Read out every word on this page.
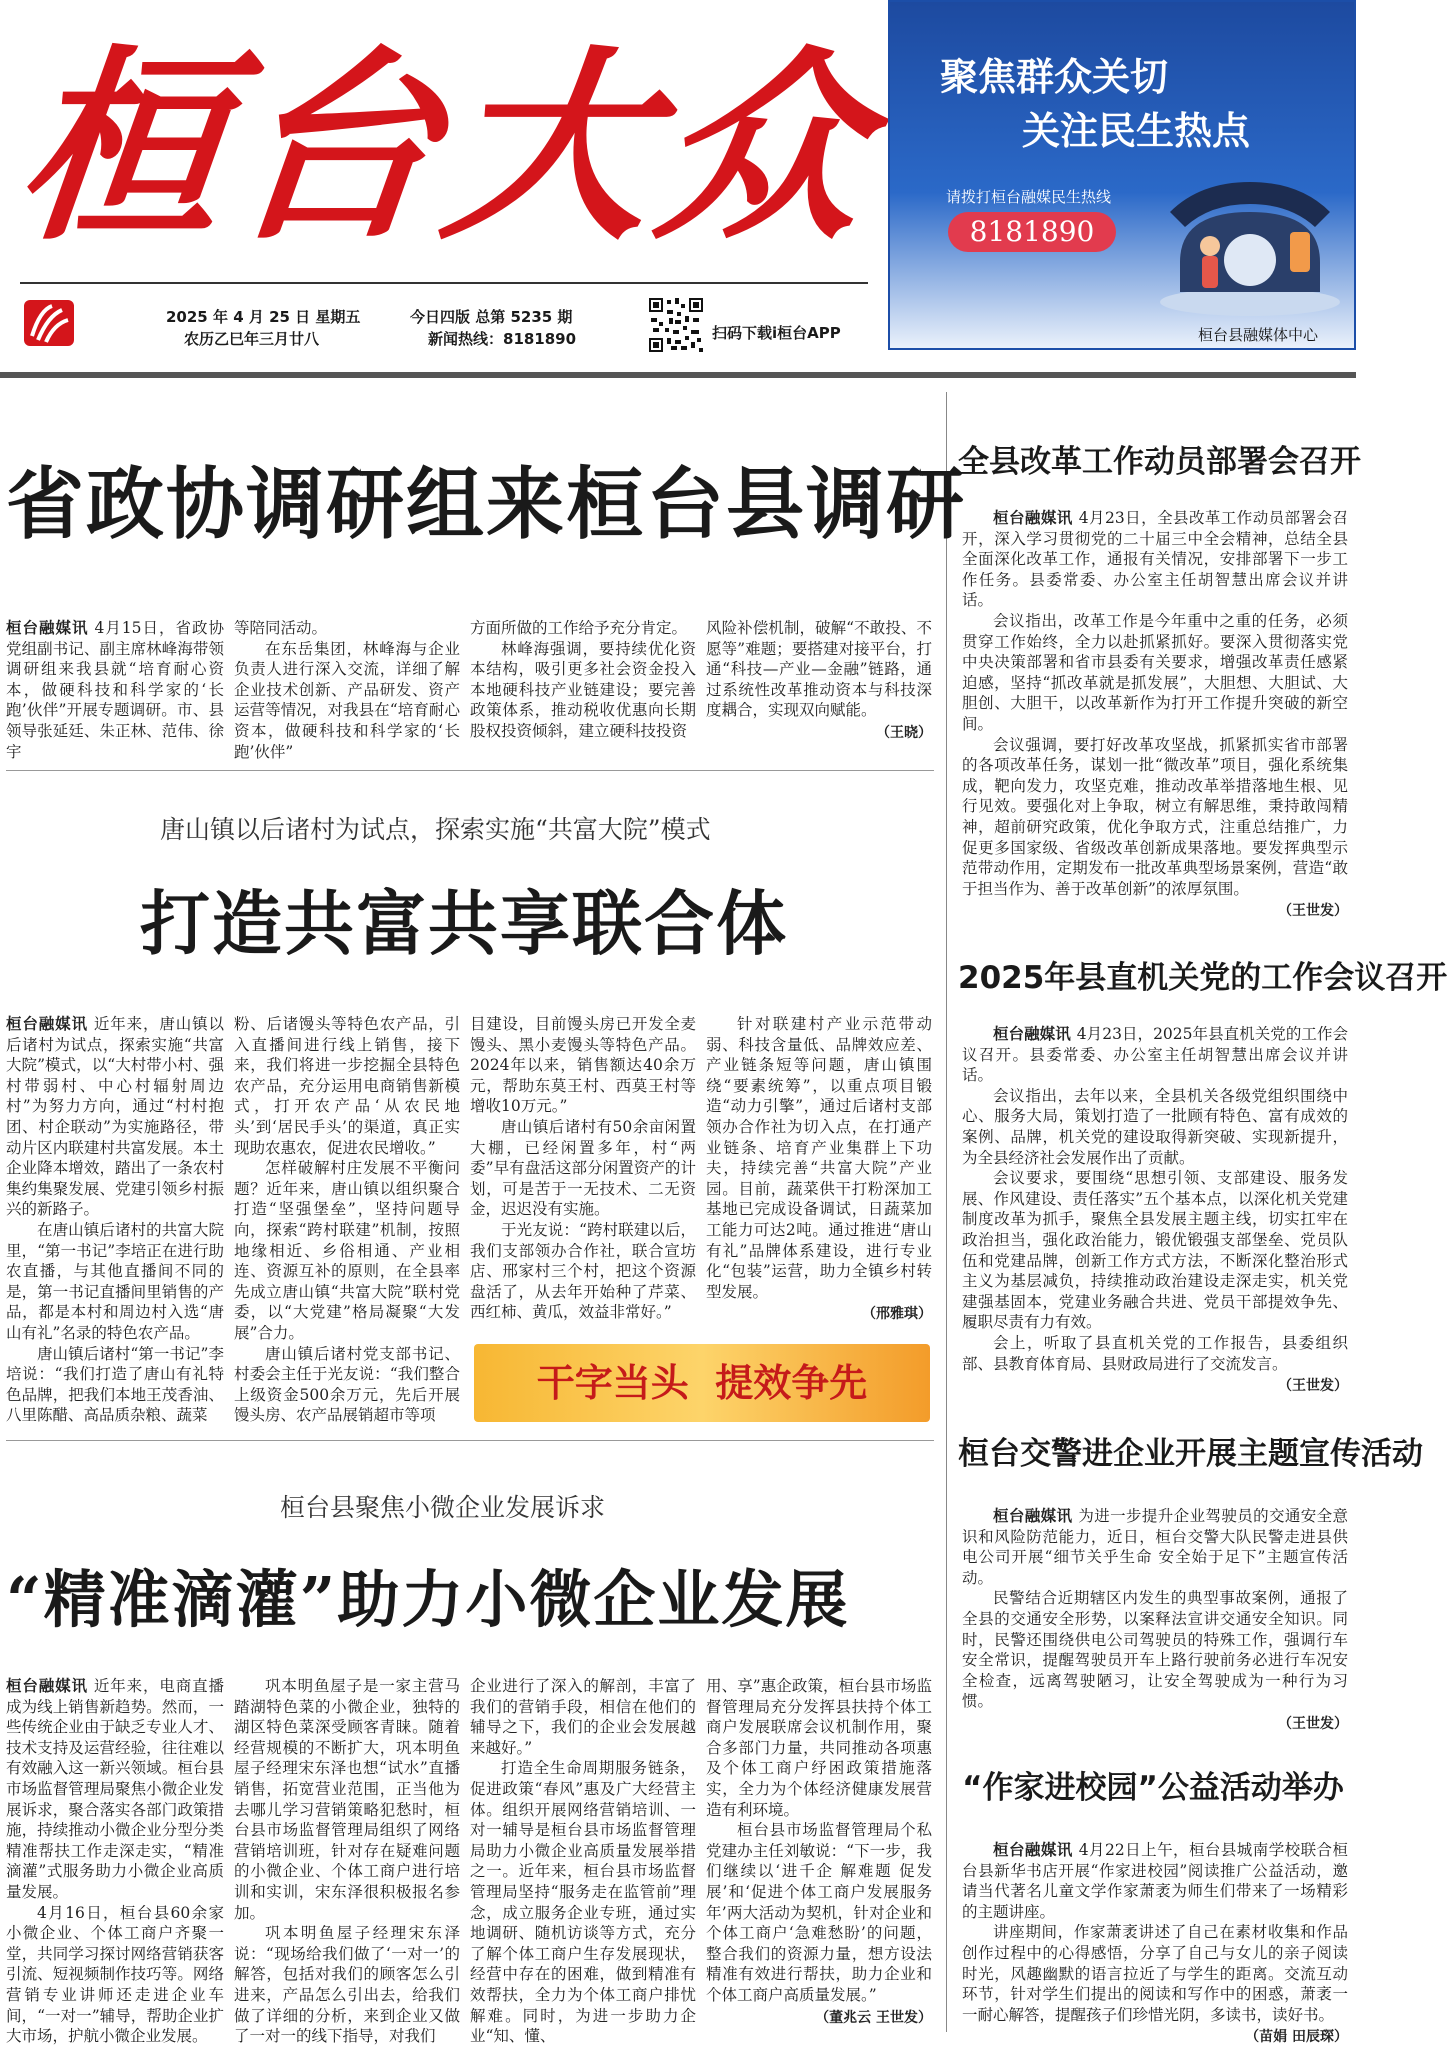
桓台大众
2025 年 4 月 25 日 星期五
农历乙巳年三月廿八
今日四版 总第 5235 期
新闻热线：8181890	扫码下载i桓台APP
聚焦群众关切
关注民生热点
请拨打桓台融媒民生热线
8181890
桓台县融媒体中心
省政协调研组来桓台县调研

桓台融媒讯 4月15日，省政协党组副书记、副主席林峰海带领调研组来我县就“培育耐心资本，做硬科技和科学家的‘长跑’伙伴”开展专题调研。市、县领导张延廷、朱正林、范伟、徐宇

等陪同活动。

在东岳集团，林峰海与企业负责人进行深入交流，详细了解企业技术创新、产品研发、资产运营等情况，对我县在“培育耐心资本，做硬科技和科学家的‘长跑’伙伴”

方面所做的工作给予充分肯定。

林峰海强调，要持续优化资本结构，吸引更多社会资金投入本地硬科技产业链建设；要完善政策体系，推动税收优惠向长期股权投资倾斜，建立硬科技投资

风险补偿机制，破解“不敢投、不愿等”难题；要搭建对接平台，打通“科技—产业—金融”链路，通过系统性改革推动资本与科技深度耦合，实现双向赋能。

（王晓）
唐山镇以后诸村为试点，探索实施“共富大院”模式
打造共富共享联合体

桓台融媒讯 近年来，唐山镇以后诸村为试点，探索实施“共富大院”模式，以“大村带小村、强村带弱村、中心村辐射周边村”为努力方向，通过“村村抱团、村企联动”为实施路径，带动片区内联建村共富发展。本土企业降本增效，踏出了一条农村集约集聚发展、党建引领乡村振兴的新路子。

在唐山镇后诸村的共富大院里，“第一书记”李培正在进行助农直播，与其他直播间不同的是，第一书记直播间里销售的产品，都是本村和周边村入选“唐山有礼”名录的特色农产品。

唐山镇后诸村“第一书记”李培说：“我们打造了唐山有礼特色品牌，把我们本地王茂香油、八里陈醋、高品质杂粮、蔬菜

粉、后诸馒头等特色农产品，引入直播间进行线上销售，接下来，我们将进一步挖掘全县特色农产品，充分运用电商销售新模式，打开农产品‘从农民地头’到‘居民手头’的渠道，真正实现助农惠农，促进农民增收。”

怎样破解村庄发展不平衡问题？近年来，唐山镇以组织聚合打造“坚强堡垒”，坚持问题导向，探索“跨村联建”机制，按照地缘相近、乡俗相通、产业相连、资源互补的原则，在全县率先成立唐山镇“共富大院”联村党委，以“大党建”格局凝聚“大发展”合力。

唐山镇后诸村党支部书记、村委会主任于光友说：“我们整合上级资金500余万元，先后开展馒头房、农产品展销超市等项

目建设，目前馒头房已开发全麦馒头、黑小麦馒头等特色产品。2024年以来，销售额达40余万元，帮助东莫王村、西莫王村等增收10万元。”

唐山镇后诸村有50余亩闲置大棚，已经闲置多年，村“两委”早有盘活这部分闲置资产的计划，可是苦于一无技术、二无资金，迟迟没有实施。

于光友说：“跨村联建以后，我们支部领办合作社，联合宣坊店、邢家村三个村，把这个资源盘活了，从去年开始种了芹菜、西红柿、黄瓜，效益非常好。”

针对联建村产业示范带动弱、科技含量低、品牌效应差、产业链条短等问题，唐山镇围绕“要素统筹”，以重点项目锻造“动力引擎”，通过后诸村支部领办合作社为切入点，在打通产业链条、培育产业集群上下功夫，持续完善“共富大院”产业园。目前，蔬菜供干打粉深加工基地已完成设备调试，日蔬菜加工能力可达2吨。通过推进“唐山有礼”品牌体系建设，进行专业化“包装”运营，助力全镇乡村转型发展。

（邢雅琪）
干字当头  提效争先
桓台县聚焦小微企业发展诉求
“精准滴灌”助力小微企业发展

桓台融媒讯 近年来，电商直播成为线上销售新趋势。然而，一些传统企业由于缺乏专业人才、技术支持及运营经验，往往难以有效融入这一新兴领域。桓台县市场监督管理局聚焦小微企业发展诉求，聚合落实各部门政策措施，持续推动小微企业分型分类精准帮扶工作走深走实，“精准滴灌”式服务助力小微企业高质量发展。

4月16日，桓台县60余家小微企业、个体工商户齐聚一堂，共同学习探讨网络营销获客引流、短视频制作技巧等。网络营销专业讲师还走进企业车间，“一对一”辅导，帮助企业扩大市场，护航小微企业发展。

巩本明鱼屋子是一家主营马踏湖特色菜的小微企业，独特的湖区特色菜深受顾客青睐。随着经营规模的不断扩大，巩本明鱼屋子经理宋东泽也想“试水”直播销售，拓宽营业范围，正当他为去哪儿学习营销策略犯愁时，桓台县市场监督管理局组织了网络营销培训班，针对存在疑难问题的小微企业、个体工商户进行培训和实训，宋东泽很积极报名参加。

巩本明鱼屋子经理宋东泽说：“现场给我们做了‘一对一’的解答，包括对我们的顾客怎么引进来，产品怎么引出去，给我们做了详细的分析，来到企业又做了一对一的线下指导，对我们

企业进行了深入的解剖，丰富了我们的营销手段，相信在他们的辅导之下，我们的企业会发展越来越好。”

打造全生命周期服务链条，促进政策“春风”惠及广大经营主体。组织开展网络营销培训、一对一辅导是桓台县市场监督管理局助力小微企业高质量发展举措之一。近年来，桓台县市场监督管理局坚持“服务走在监管前”理念，成立服务企业专班，通过实地调研、随机访谈等方式，充分了解个体工商户生存发展现状，经营中存在的困难，做到精准有效帮扶，全力为个体工商户排忧解难。同时，为进一步助力企业“知、懂、

用、享”惠企政策，桓台县市场监督管理局充分发挥县扶持个体工商户发展联席会议机制作用，聚合多部门力量，共同推动各项惠及个体工商户纾困政策措施落实，全力为个体经济健康发展营造有利环境。

桓台县市场监督管理局个私党建办主任刘敏说：“下一步，我们继续以‘进千企 解难题 促发展’和‘促进个体工商户发展服务年’两大活动为契机，针对企业和个体工商户‘急难愁盼’的问题，整合我们的资源力量，想方设法精准有效进行帮扶，助力企业和个体工商户高质量发展。”

（董兆云 王世发）
全县改革工作动员部署会召开

桓台融媒讯 4月23日，全县改革工作动员部署会召开，深入学习贯彻党的二十届三中全会精神，总结全县全面深化改革工作，通报有关情况，安排部署下一步工作任务。县委常委、办公室主任胡智慧出席会议并讲话。

会议指出，改革工作是今年重中之重的任务，必须贯穿工作始终，全力以赴抓紧抓好。要深入贯彻落实党中央决策部署和省市县委有关要求，增强改革责任感紧迫感，坚持“抓改革就是抓发展”，大胆想、大胆试、大胆创、大胆干，以改革新作为打开工作提升突破的新空间。

会议强调，要打好改革攻坚战，抓紧抓实省市部署的各项改革任务，谋划一批“微改革”项目，强化系统集成，靶向发力，攻坚克难，推动改革举措落地生根、见行见效。要强化对上争取，树立有解思维，秉持敢闯精神，超前研究政策，优化争取方式，注重总结推广，力促更多国家级、省级改革创新成果落地。要发挥典型示范带动作用，定期发布一批改革典型场景案例，营造“敢于担当作为、善于改革创新”的浓厚氛围。

（王世发）
2025年县直机关党的工作会议召开

桓台融媒讯 4月23日，2025年县直机关党的工作会议召开。县委常委、办公室主任胡智慧出席会议并讲话。

会议指出，去年以来，全县机关各级党组织围绕中心、服务大局，策划打造了一批顾有特色、富有成效的案例、品牌，机关党的建设取得新突破、实现新提升，为全县经济社会发展作出了贡献。

会议要求，要围绕“思想引领、支部建设、服务发展、作风建设、责任落实”五个基本点，以深化机关党建制度改革为抓手，聚焦全县发展主题主线，切实扛牢在政治担当，强化政治能力，锻优锻强支部堡垒、党员队伍和党建品牌，创新工作方式方法，不断深化整治形式主义为基层减负，持续推动政治建设走深走实，机关党建强基固本，党建业务融合共进、党员干部提效争先、履职尽责有力有效。

会上，听取了县直机关党的工作报告，县委组织部、县教育体育局、县财政局进行了交流发言。

（王世发）
桓台交警进企业开展主题宣传活动

桓台融媒讯 为进一步提升企业驾驶员的交通安全意识和风险防范能力，近日，桓台交警大队民警走进县供电公司开展“细节关乎生命 安全始于足下”主题宣传活动。

民警结合近期辖区内发生的典型事故案例，通报了全县的交通安全形势，以案释法宣讲交通安全知识。同时，民警还围绕供电公司驾驶员的特殊工作，强调行车安全常识，提醒驾驶员开车上路行驶前务必进行车况安全检查，远离驾驶陋习，让安全驾驶成为一种行为习惯。

（王世发）
“作家进校园”公益活动举办

桓台融媒讯 4月22日上午，桓台县城南学校联合桓台县新华书店开展“作家进校园”阅读推广公益活动，邀请当代著名儿童文学作家萧袤为师生们带来了一场精彩的主题讲座。

讲座期间，作家萧袤讲述了自己在素材收集和作品创作过程中的心得感悟，分享了自己与女儿的亲子阅读时光，风趣幽默的语言拉近了与学生的距离。交流互动环节，针对学生们提出的阅读和写作中的困惑，萧袤一一耐心解答，提醒孩子们珍惜光阴，多读书，读好书。

（苗娟 田辰琛）
